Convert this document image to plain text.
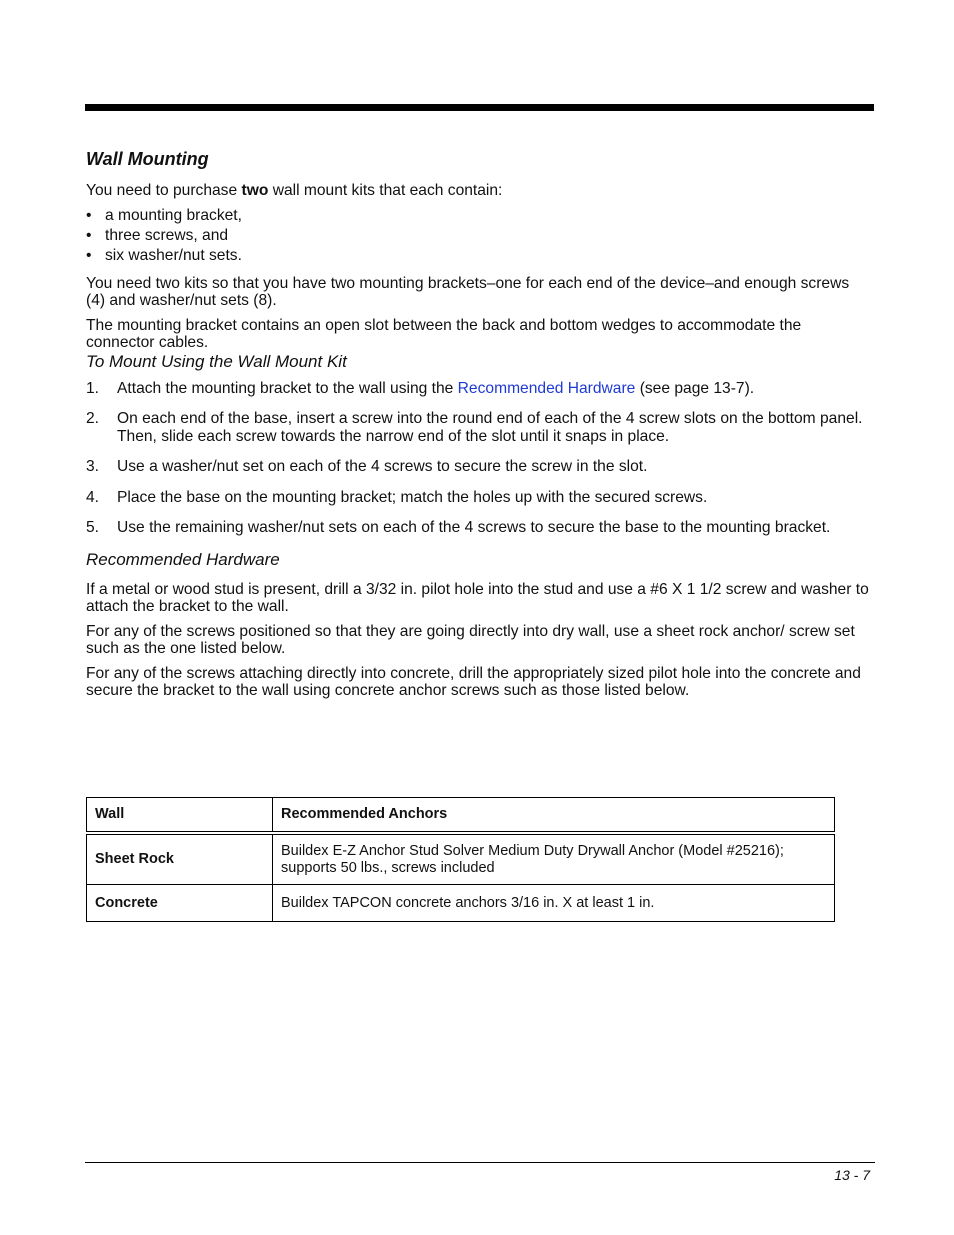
Wall Mounting

You need to purchase two wall mount kits that each contain:

• a mounting bracket,
• three screws, and
• six washer/nut sets.

You need two kits so that you have two mounting brackets–one for each end of the device–and enough screws (4) and washer/nut sets (8).

The mounting bracket contains an open slot between the back and bottom wedges to accommodate the connector cables.

To Mount Using the Wall Mount Kit
1. Attach the mounting bracket to the wall using the Recommended Hardware (see page 13-7).
2. On each end of the base, insert a screw into the round end of each of the 4 screw slots on the bottom panel. Then, slide each screw towards the narrow end of the slot until it snaps in place.
3. Use a washer/nut set on each of the 4 screws to secure the screw in the slot.
4. Place the base on the mounting bracket; match the holes up with the secured screws.
5. Use the remaining washer/nut sets on each of the 4 screws to secure the base to the mounting bracket.
Recommended Hardware

If a metal or wood stud is present, drill a 3/32 in. pilot hole into the stud and use a #6 X 1 1/2 screw and washer to attach the bracket to the wall.

For any of the screws positioned so that they are going directly into dry wall, use a sheet rock anchor/ screw set such as the one listed below.

For any of the screws attaching directly into concrete, drill the appropriately sized pilot hole into the concrete and secure the bracket to the wall using concrete anchor screws such as those listed below.

Wall	Recommended Anchors
Sheet Rock	Buildex E-Z Anchor Stud Solver Medium Duty Drywall Anchor (Model #25216); supports 50 lbs., screws included
Concrete	Buildex TAPCON concrete anchors 3/16 in. X at least 1 in.
13 - 7
